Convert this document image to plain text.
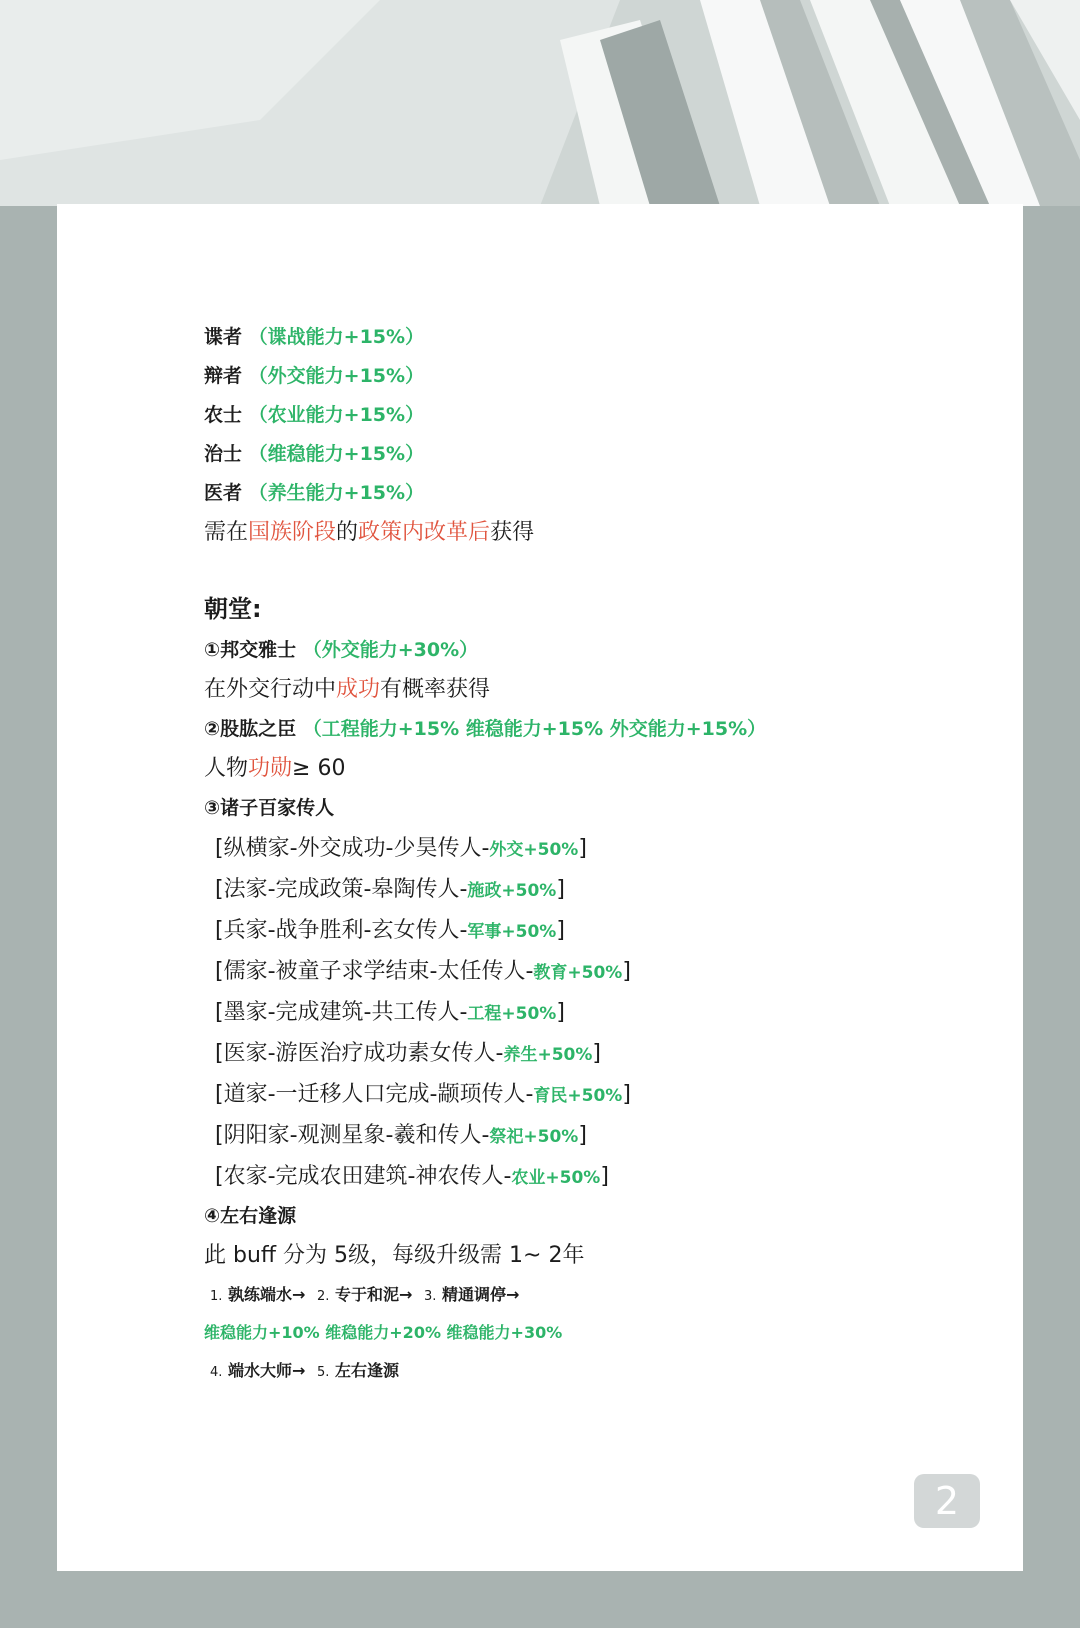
谍者 （谍战能力+15%）
辩者 （外交能力+15%）
农士 （农业能力+15%）
治士 （维稳能力+15%）
医者 （养生能力+15%）
需在国族阶段的政策内改革后获得
朝堂:
①邦交雅士 （外交能力+30%）
在外交行动中成功有概率获得
②股肱之臣 （工程能力+15% 维稳能力+15% 外交能力+15%）
人物功勋≥ 60
③诸子百家传人
[纵横家-外交成功-少昊传人-外交+50%]
[法家-完成政策-皋陶传人-施政+50%]
[兵家-战争胜利-玄女传人-军事+50%]
[儒家-被童子求学结束-太任传人-教育+50%]
[墨家-完成建筑-共工传人-工程+50%]
[医家-游医治疗成功素女传人-养生+50%]
[道家-一迁移人口完成-颛顼传人-育民+50%]
[阴阳家-观测星象-羲和传人-祭祀+50%]
[农家-完成农田建筑-神农传人-农业+50%]
④左右逢源
此 buff 分为 5级，每级升级需 1~ 2年
1. 孰练端水→ 2. 专于和泥→ 3. 精通调停→
维稳能力+10% 维稳能力+20% 维稳能力+30%
4. 端水大师→ 5. 左右逢源
2
